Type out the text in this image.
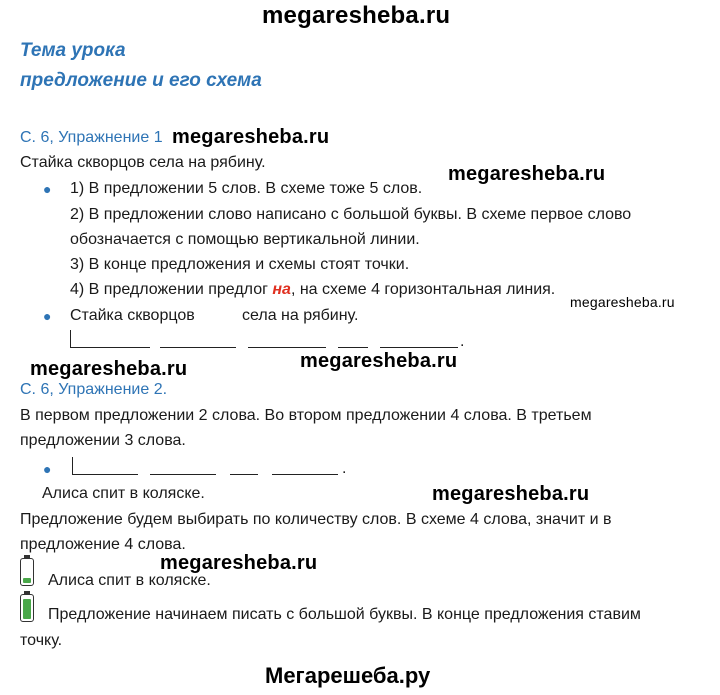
megaresheba.ru
Тема урока
предложение и его схема
С. 6, Упражнение 1 megaresheba.ru
Стайка скворцов села на рябину.
megaresheba.ru
● 1) В предложении 5 слов. В схеме тоже 5 слов.
2) В предложении слово написано с большой буквы. В схеме первое слово
обозначается с помощью вертикальной линии.
3) В конце предложения и схемы стоят точки.
4) В предложении предлог на, на схеме 4 горизонтальная линия.
megaresheba.ru
● Стайка скворцов	села на рябину.
.
megaresheba.ru	megaresheba.ru
С. 6, Упражнение 2.
В первом предложении 2 слова. Во втором предложении 4 слова. В третьем
предложении 3 слова.
●	.
Алиса спит в коляске.	megaresheba.ru
Предложение будем выбирать по количеству слов. В схеме 4 слова, значит и в
предложение 4 слова.
megaresheba.ru
Алиса спит в коляске.
Предложение начинаем писать с большой буквы. В конце предложения ставим
точку.
Мегарешеба.ру
